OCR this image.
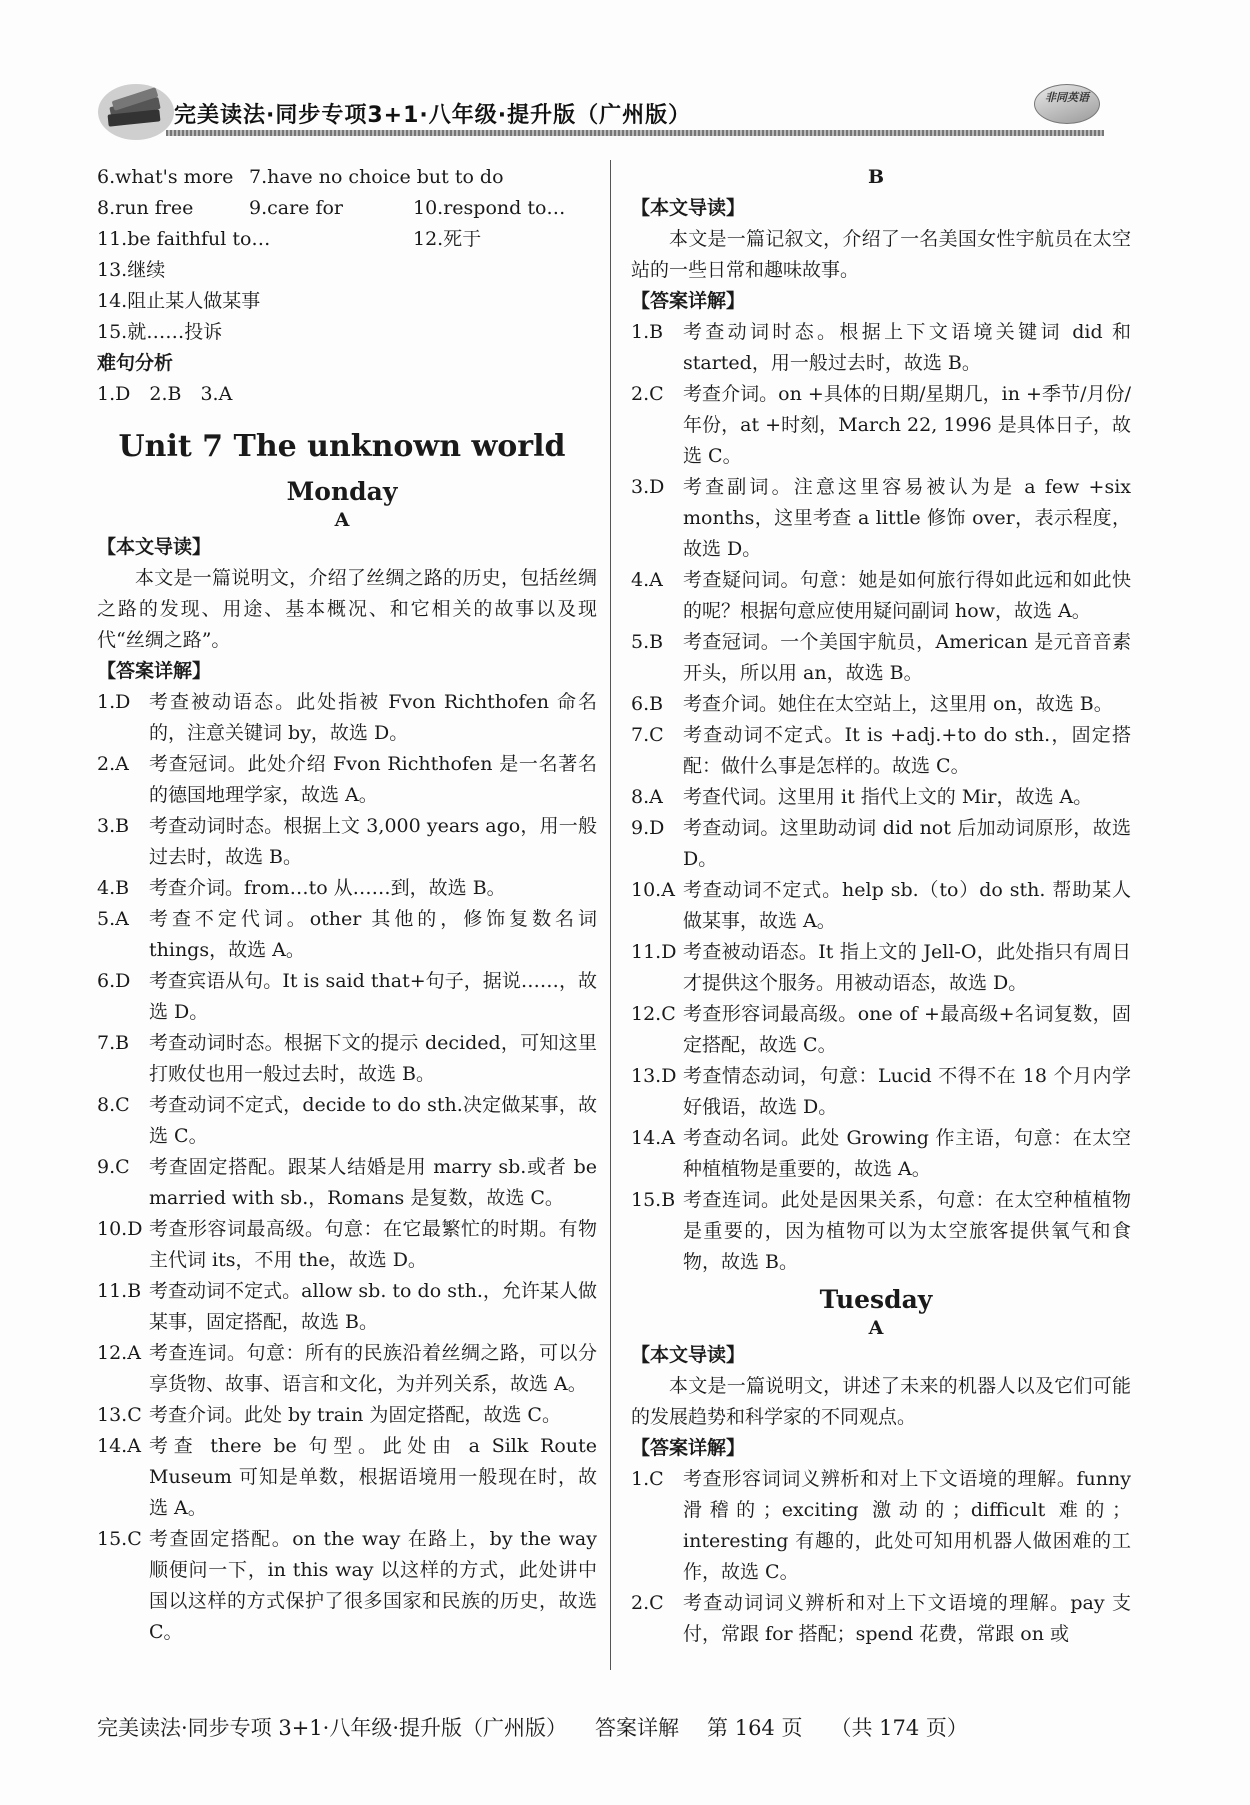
完美读法·同步专项3+1·八年级·提升版（广州版）
非同英语
6.what's more 7.have no choice but to do
8.run free	9.care for	10.respond to…
11.be faithful to…	12.死于
13.继续
14.阻止某人做某事
15.就……投诉
难句分析
1.D　2.B　3.A
Unit 7 The unknown world
Monday
A
【本文导读】
本文是一篇说明文，介绍了丝绸之路的历史，包括丝绸之路的发现、用途、基本概况、和它相关的故事以及现代“丝绸之路”。
【答案详解】
1.D 考查被动语态。此处指被 Fvon Richthofen 命名的，注意关键词 by，故选 D。
2.A	考查冠词。此处介绍 Fvon Richthofen 是一名著名的德国地理学家，故选 A。
3.B	考查动词时态。根据上文 3,000 years ago，用一般过去时，故选 B。
4.B	考查介词。from…to 从……到，故选 B。
5.A	考查不定代词。other 其他的，修饰复数名词 things，故选 A。
6.D 考查宾语从句。It is said that+句子，据说……，故选 D。
7.B	考查动词时态。根据下文的提示 decided，可知这里打败仗也用一般过去时，故选 B。
8.C	考查动词不定式，decide to do sth.决定做某事，故选 C。
9.C	考查固定搭配。跟某人结婚是用 marry sb.或者 be married with sb.，Romans 是复数，故选 C。
10.D 考查形容词最高级。句意：在它最繁忙的时期。有物主代词 its，不用 the，故选 D。
11.B 考查动词不定式。allow sb. to do sth.，允许某人做某事，固定搭配，故选 B。
12.A 考查连词。句意：所有的民族沿着丝绸之路，可以分享货物、故事、语言和文化，为并列关系，故选 A。
13.C 考查介词。此处 by train 为固定搭配，故选 C。
14.A 考查 there be 句型。此处由 a Silk Route Museum 可知是单数，根据语境用一般现在时，故选 A。
15.C 考查固定搭配。on the way 在路上，by the way 顺便问一下，in this way 以这样的方式，此处讲中国以这样的方式保护了很多国家和民族的历史，故选 C。
B
【本文导读】
本文是一篇记叙文，介绍了一名美国女性宇航员在太空站的一些日常和趣味故事。
【答案详解】
1.B	考查动词时态。根据上下文语境关键词 did 和 started，用一般过去时，故选 B。
2.C	考查介词。on +具体的日期/星期几，in +季节/月份/年份，at +时刻，March 22, 1996 是具体日子，故选 C。
3.D 考查副词。注意这里容易被认为是 a few +six months，这里考查 a little 修饰 over，表示程度，故选 D。
4.A	考查疑问词。句意：她是如何旅行得如此远和如此快的呢？根据句意应使用疑问副词 how，故选 A。
5.B	考查冠词。一个美国宇航员，American 是元音音素开头，所以用 an，故选 B。
6.B	考查介词。她住在太空站上，这里用 on，故选 B。
7.C	考查动词不定式。It is +adj.+to do sth.，固定搭配：做什么事是怎样的。故选 C。
8.A	考查代词。这里用 it 指代上文的 Mir，故选 A。
9.D 考查动词。这里助动词 did not 后加动词原形，故选 D。
10.A 考查动词不定式。help sb.（to）do sth. 帮助某人做某事，故选 A。
11.D 考查被动语态。It 指上文的 Jell-O，此处指只有周日才提供这个服务。用被动语态，故选 D。
12.C 考查形容词最高级。one of +最高级+名词复数，固定搭配，故选 C。
13.D 考查情态动词，句意：Lucid 不得不在 18 个月内学好俄语，故选 D。
14.A 考查动名词。此处 Growing 作主语，句意：在太空种植植物是重要的，故选 A。
15.B 考查连词。此处是因果关系，句意：在太空种植植物是重要的，因为植物可以为太空旅客提供氧气和食物，故选 B。
Tuesday
A
【本文导读】
本文是一篇说明文，讲述了未来的机器人以及它们可能的发展趋势和科学家的不同观点。
【答案详解】
1.C	考查形容词词义辨析和对上下文语境的理解。funny 滑稽的；exciting 激动的；difficult 难的；interesting 有趣的，此处可知用机器人做困难的工作，故选 C。
2.C	考查动词词义辨析和对上下文语境的理解。pay 支付，常跟 for 搭配；spend 花费，常跟 on 或
完美读法·同步专项 3+1·八年级·提升版（广州版） 答案详解 第 164 页 （共 174 页）
